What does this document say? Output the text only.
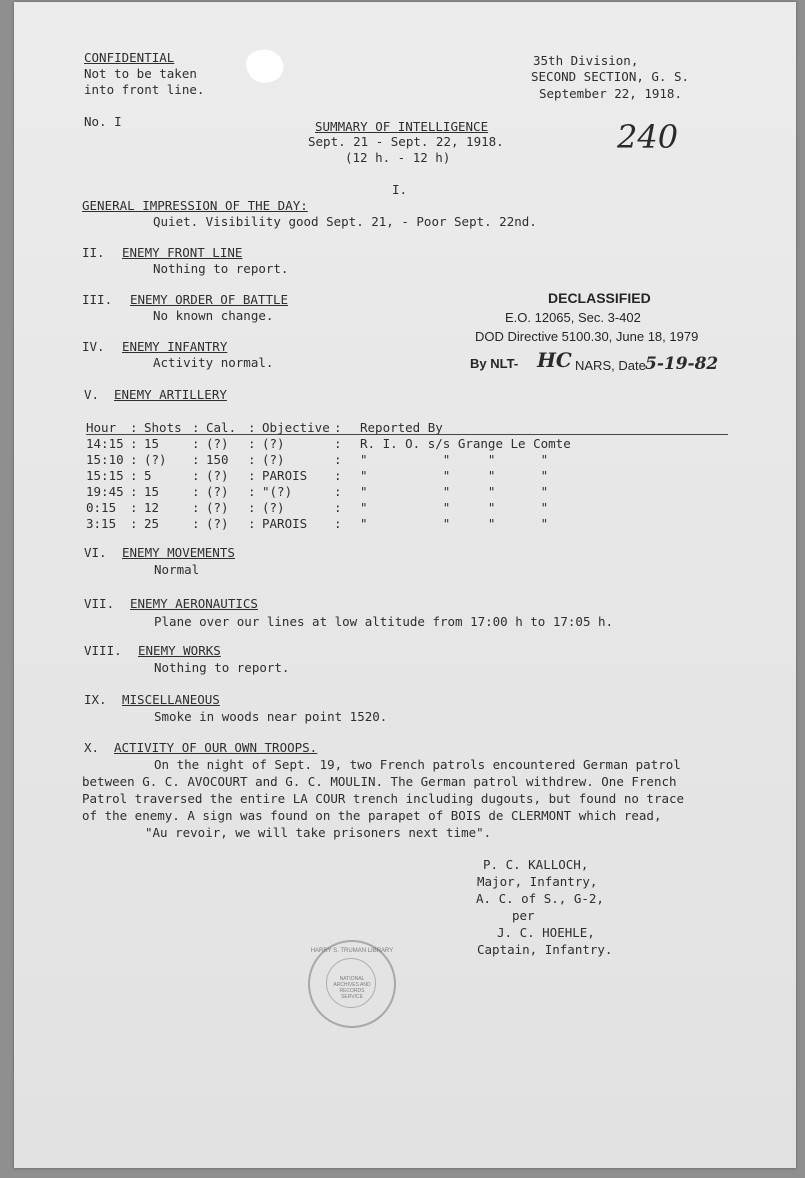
CONFIDENTIAL
Not to be taken
into front line.
35th Division,
SECOND SECTION, G. S.
September 22, 1918.
No. I	SUMMARY OF INTELLIGENCE
Sept. 21 - Sept. 22, 1918.
(12 h. - 12 h)
240
I.
GENERAL IMPRESSION OF THE DAY:
Quiet. Visibility good Sept. 21, - Poor Sept. 22nd.
II. ENEMY FRONT LINE
Nothing to report.
III. ENEMY ORDER OF BATTLE
No known change.
IV. ENEMY INFANTRY
Activity normal.
V. ENEMY ARTILLERY
DECLASSIFIED
E.O. 12065, Sec. 3-402
DOD Directive 5100.30, June 18, 1979
By NLT- HC NARS, Date 5-19-82
Hour	:	Shots	:	Cal.	:	Objective	:	Reported By
14:15	:	15	:	(?)	:	(?)	:	R. I. O. s/s Grange Le Comte
15:10	:	(?)	:	150	:	(?)	:	"          "     "      "
15:15	:	5	:	(?)	:	PAROIS	:	"          "     "      "
19:45	:	15	:	(?)	:	"(?)	:	"          "     "      "
0:15	:	12	:	(?)	:	(?)	:	"          "     "      "
3:15	:	25	:	(?)	:	PAROIS	:	"          "     "      "
VI. ENEMY MOVEMENTS
Normal
VII. ENEMY AERONAUTICS
Plane over our lines at low altitude from 17:00 h to 17:05 h.
VIII. ENEMY WORKS
Nothing to report.
IX. MISCELLANEOUS
Smoke in woods near point 1520.
X. ACTIVITY OF OUR OWN TROOPS.
On the night of Sept. 19, two French patrols encountered German patrol
between G. C. AVOCOURT and G. C. MOULIN. The German patrol withdrew. One French
Patrol traversed the entire LA COUR trench including dugouts, but found no trace
of the enemy. A sign was found on the parapet of BOIS de CLERMONT which read,
"Au revoir, we will take prisoners next time".
P. C. KALLOCH,
Major, Infantry,
A. C. of S., G-2,
per
J. C. HOEHLE,
Captain, Infantry.
HARRY S. TRUMAN LIBRARY
NATIONAL ARCHIVES AND RECORDS SERVICE
